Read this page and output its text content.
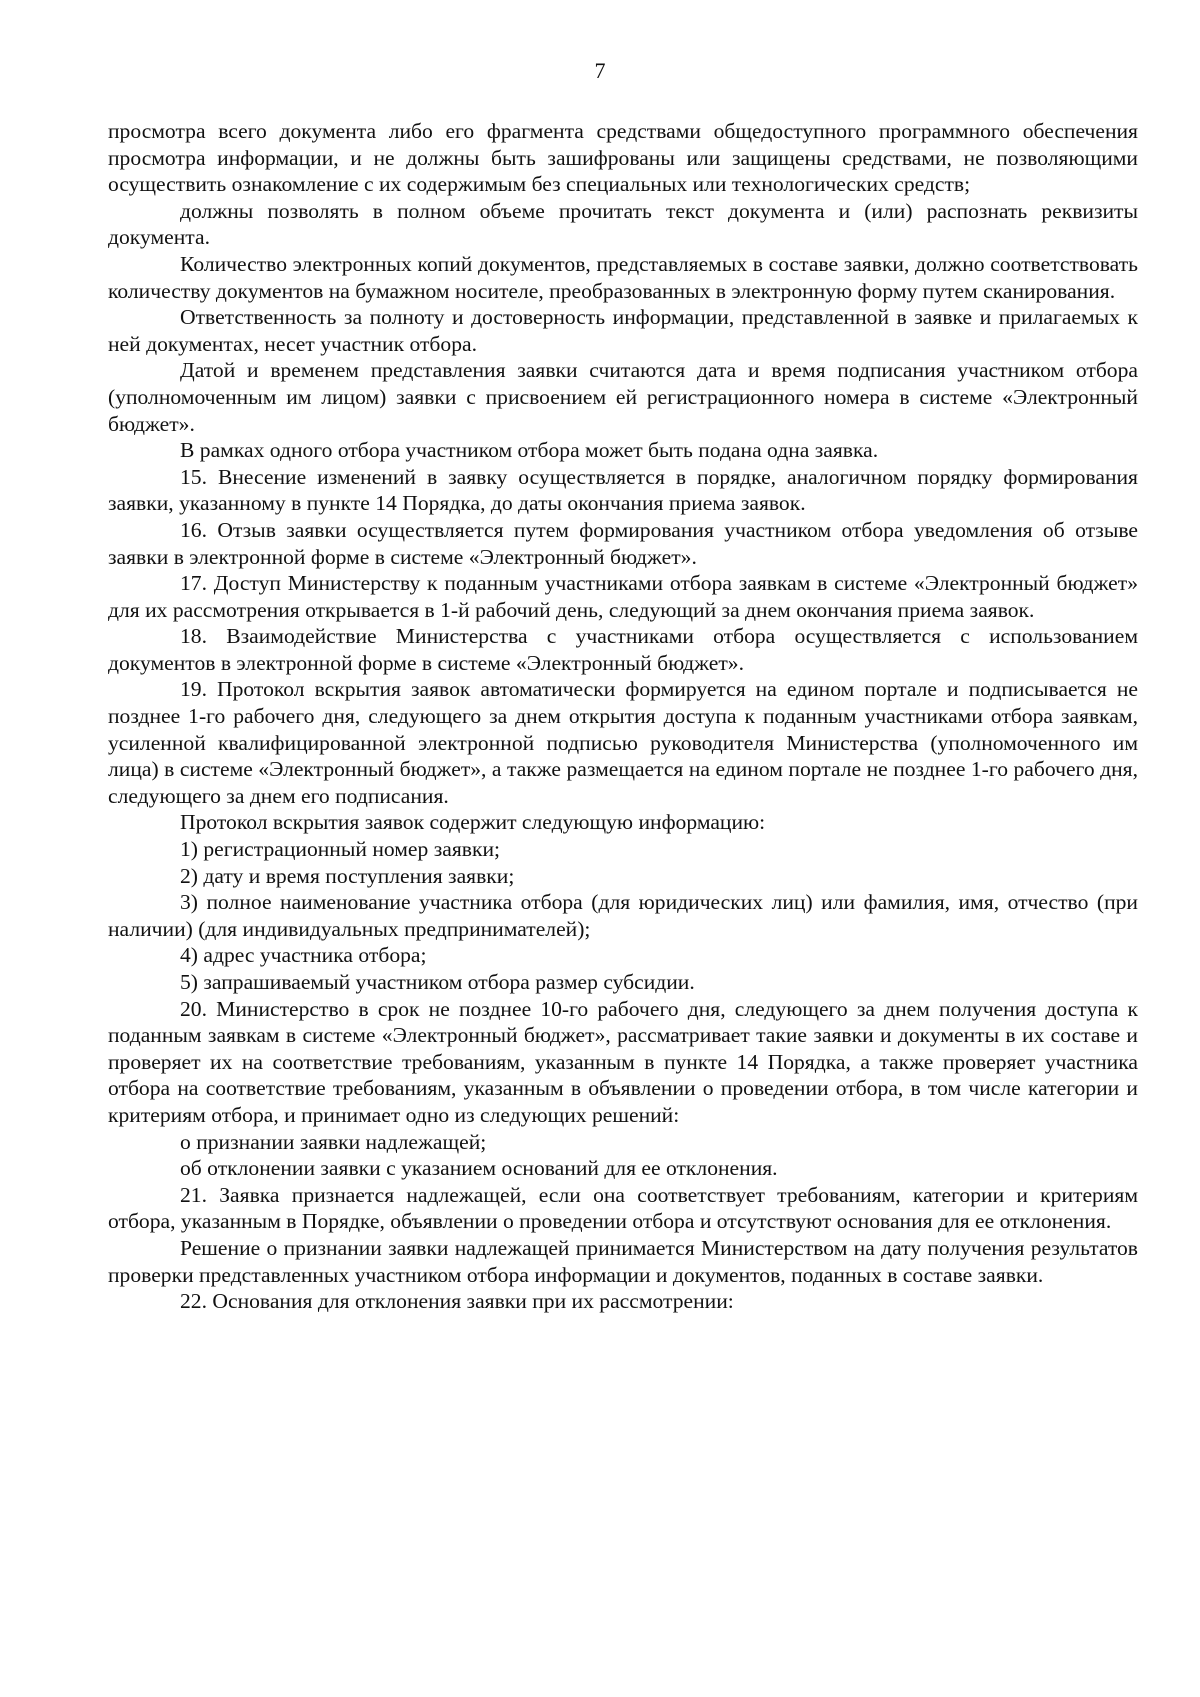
7

просмотра всего документа либо его фрагмента средствами общедоступного программного обеспечения просмотра информации, и не должны быть зашифрованы или защищены средствами, не позволяющими осуществить ознакомление с их содержимым без специальных или технологических средств;

должны позволять в полном объеме прочитать текст документа и (или) распознать реквизиты документа.

Количество электронных копий документов, представляемых в составе заявки, должно соответствовать количеству документов на бумажном носителе, преобразованных в электронную форму путем сканирования.

Ответственность за полноту и достоверность информации, представленной в заявке и прилагаемых к ней документах, несет участник отбора.

Датой и временем представления заявки считаются дата и время подписания участником отбора (уполномоченным им лицом) заявки с присвоением ей регистрационного номера в системе «Электронный бюджет».

В рамках одного отбора участником отбора может быть подана одна заявка.

15. Внесение изменений в заявку осуществляется в порядке, аналогичном порядку формирования заявки, указанному в пункте 14 Порядка, до даты окончания приема заявок.

16. Отзыв заявки осуществляется путем формирования участником отбора уведомления об отзыве заявки в электронной форме в системе «Электронный бюджет».

17. Доступ Министерству к поданным участниками отбора заявкам в системе «Электронный бюджет» для их рассмотрения открывается в 1-й рабочий день, следующий за днем окончания приема заявок.

18. Взаимодействие Министерства с участниками отбора осуществляется с использованием документов в электронной форме в системе «Электронный бюджет».

19. Протокол вскрытия заявок автоматически формируется на едином портале и подписывается не позднее 1-го рабочего дня, следующего за днем открытия доступа к поданным участниками отбора заявкам, усиленной квалифицированной электронной подписью руководителя Министерства (уполномоченного им лица) в системе «Электронный бюджет», а также размещается на едином портале не позднее 1-го рабочего дня, следующего за днем его подписания.

Протокол вскрытия заявок содержит следующую информацию:

1) регистрационный номер заявки;

2) дату и время поступления заявки;

3) полное наименование участника отбора (для юридических лиц) или фамилия, имя, отчество (при наличии) (для индивидуальных предпринимателей);

4) адрес участника отбора;

5) запрашиваемый участником отбора размер субсидии.

20. Министерство в срок не позднее 10-го рабочего дня, следующего за днем получения доступа к поданным заявкам в системе «Электронный бюджет», рассматривает такие заявки и документы в их составе и проверяет их на соответствие требованиям, указанным в пункте 14 Порядка, а также проверяет участника отбора на соответствие требованиям, указанным в объявлении о проведении отбора, в том числе категории и критериям отбора, и принимает одно из следующих решений:

о признании заявки надлежащей;

об отклонении заявки с указанием оснований для ее отклонения.

21. Заявка признается надлежащей, если она соответствует требованиям, категории и критериям отбора, указанным в Порядке, объявлении о проведении отбора и отсутствуют основания для ее отклонения.

Решение о признании заявки надлежащей принимается Министерством на дату получения результатов проверки представленных участником отбора информации и документов, поданных в составе заявки.

22. Основания для отклонения заявки при их рассмотрении:
